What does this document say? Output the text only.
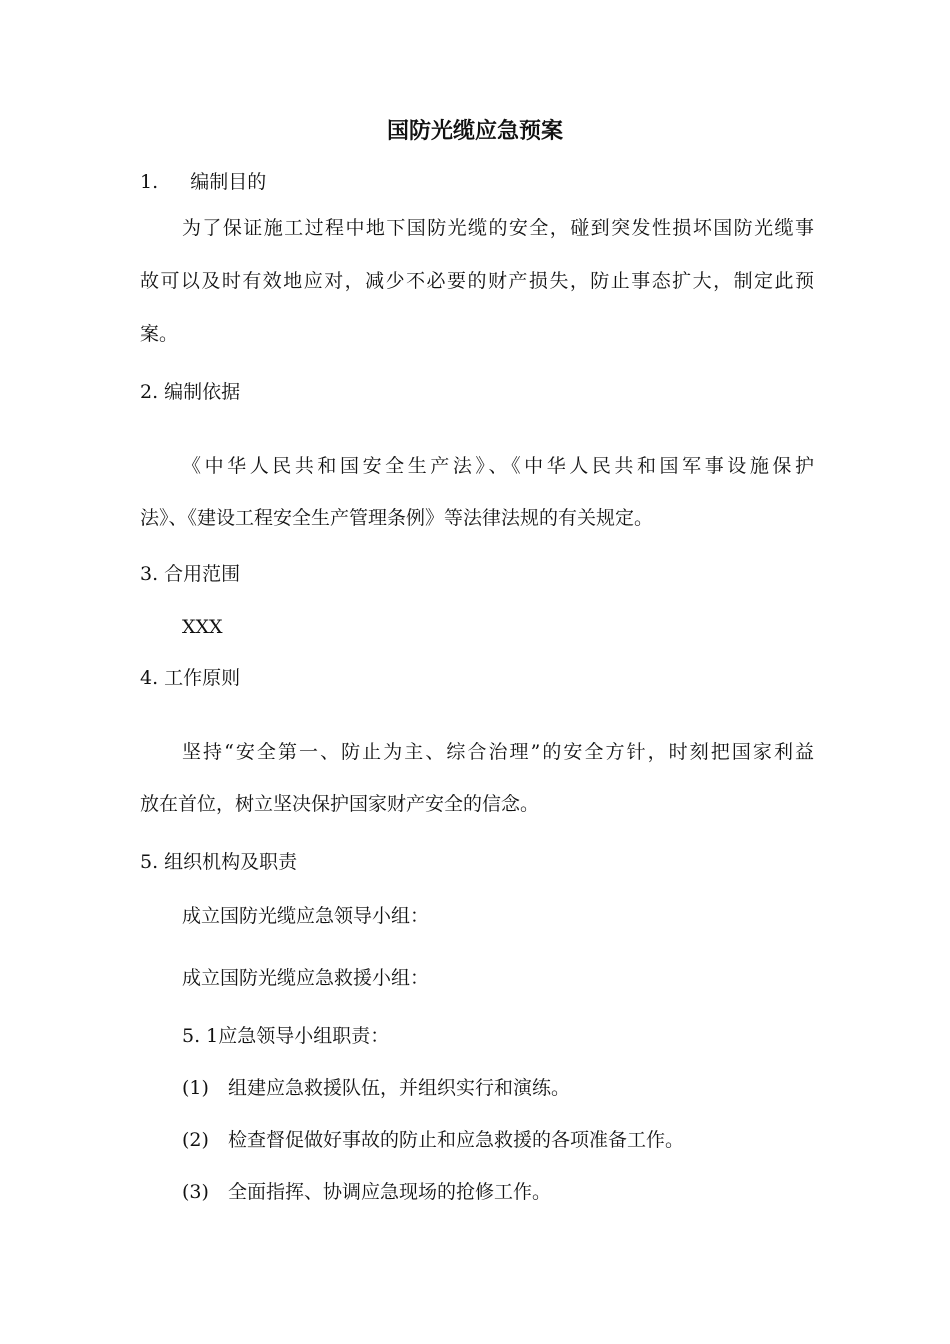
国防光缆应急预案
1. 编制目的

为了保证施工过程中地下国防光缆的安全，碰到突发性损坏国防光缆事

故可以及时有效地应对，减少不必要的财产损失，防止事态扩大，制定此预

案。

2. 编制依据

《中华人民共和国安全生产法》、《中华人民共和国军事设施保护

法》、《建设工程安全生产管理条例》等法律法规的有关规定。

3. 合用范围

XXX

4. 工作原则

坚持“安全第一、防止为主、综合治理”的安全方针，时刻把国家利益

放在首位，树立坚决保护国家财产安全的信念。

5. 组织机构及职责

成立国防光缆应急领导小组：

成立国防光缆应急救援小组：

5. 1应急领导小组职责：

(1) 组建应急救援队伍，并组织实行和演练。
(2) 检查督促做好事故的防止和应急救援的各项准备工作。
(3) 全面指挥、协调应急现场的抢修工作。
